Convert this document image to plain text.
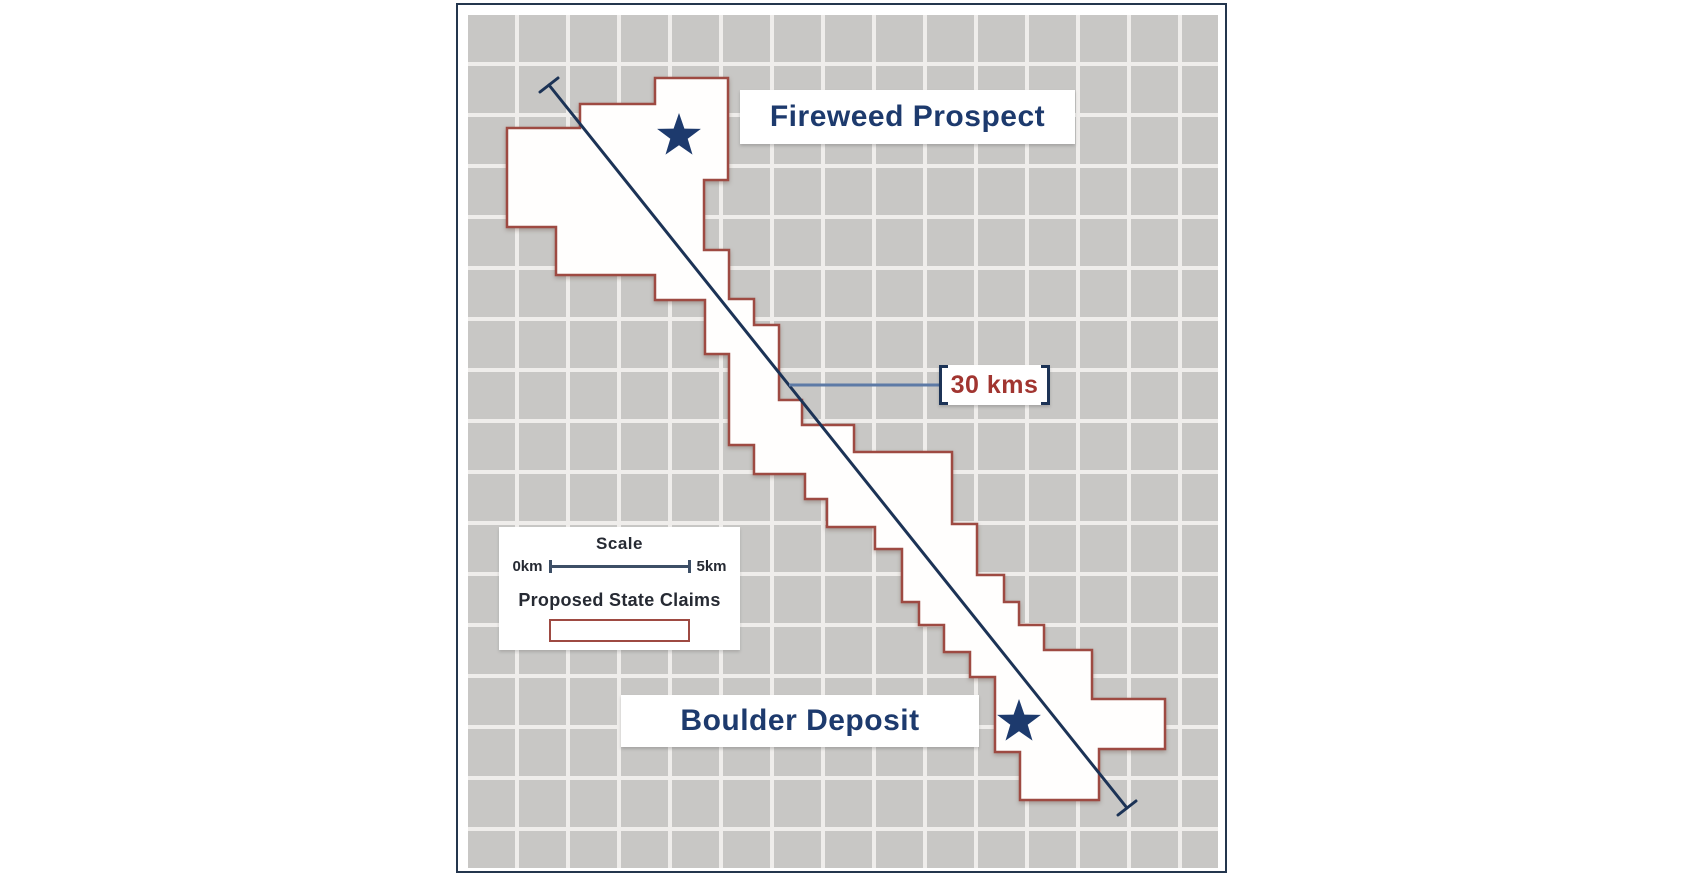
Fireweed Prospect
Boulder Deposit
30 kms
Scale
0km	5km
Proposed State Claims
